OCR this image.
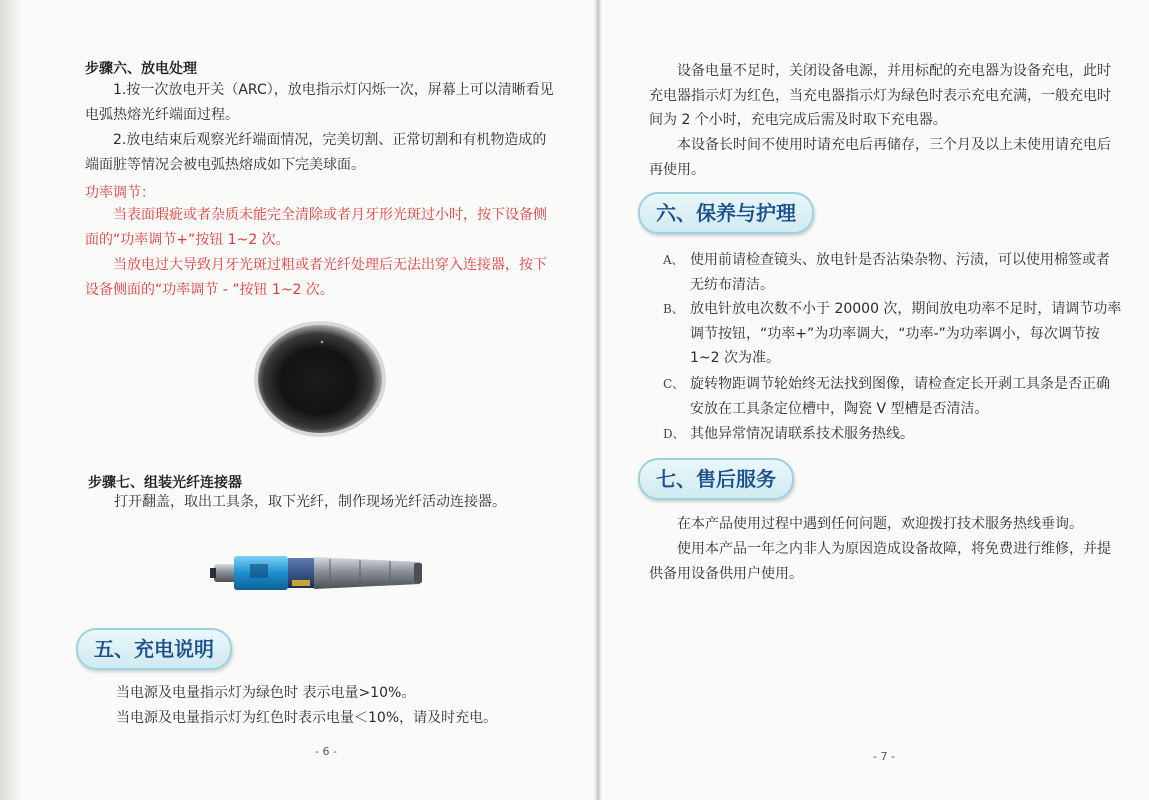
步骤六、放电处理

1.按一次放电开关（ARC），放电指示灯闪烁一次，屏幕上可以清晰看见电弧热熔光纤端面过程。

2.放电结束后观察光纤端面情况，完美切割、正常切割和有机物造成的端面脏等情况会被电弧热熔成如下完美球面。

功率调节：

当表面瑕疵或者杂质未能完全清除或者月牙形光斑过小时，按下设备侧面的“功率调节+”按钮 1~2 次。

当放电过大导致月牙光斑过粗或者光纤处理后无法出穿入连接器，按下设备侧面的“功率调节 - ”按钮 1~2 次。

步骤七、组装光纤连接器

打开翻盖，取出工具条，取下光纤，制作现场光纤活动连接器。

五、充电说明

当电源及电量指示灯为绿色时 表示电量>10%。

当电源及电量指示灯为红色时表示电量＜10%，请及时充电。

- 6 -

设备电量不足时，关闭设备电源，并用标配的充电器为设备充电，此时充电器指示灯为红色，当充电器指示灯为绿色时表示充电充满，一般充电时间为 2 个小时，充电完成后需及时取下充电器。

本设备长时间不使用时请充电后再储存，三个月及以上未使用请充电后再使用。

六、保养与护理
A、 使用前请检查镜头、放电针是否沾染杂物、污渍，可以使用棉签或者无纺布清洁。
B、 放电针放电次数不小于 20000 次，期间放电功率不足时，请调节功率调节按钮，“功率+”为功率调大，“功率-”为功率调小，每次调节按 1~2 次为准。
C、 旋转物距调节轮始终无法找到图像，请检查定长开剥工具条是否正确安放在工具条定位槽中，陶瓷 V 型槽是否清洁。
D、 其他异常情况请联系技术服务热线。
七、售后服务

在本产品使用过程中遇到任何问题，欢迎拨打技术服务热线垂询。

使用本产品一年之内非人为原因造成设备故障，将免费进行维修，并提供备用设备供用户使用。

- 7 -
